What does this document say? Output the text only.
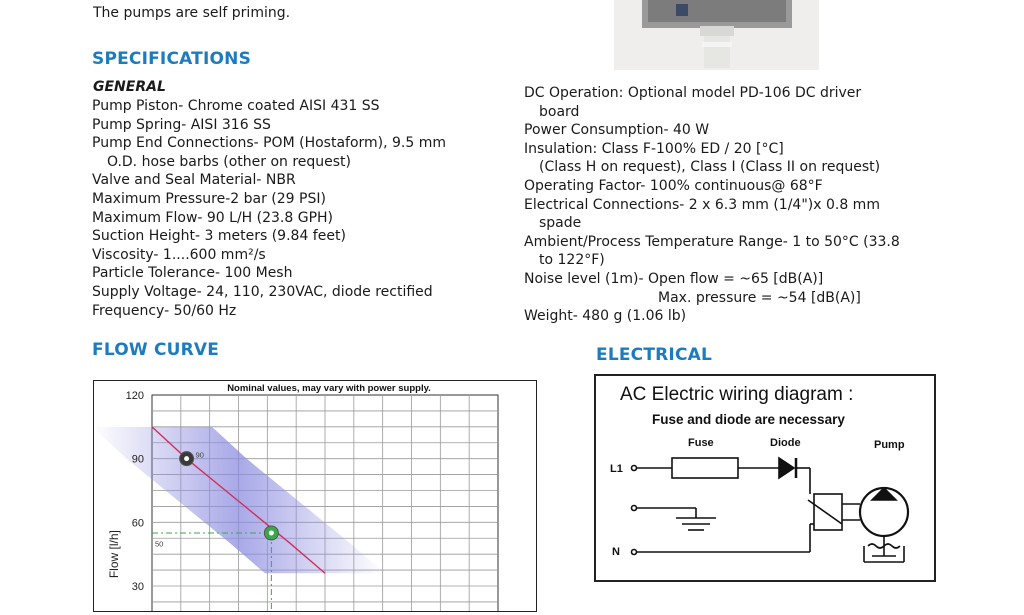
The pumps are self priming.
SPECIFICATIONS
GENERAL
Pump Piston- Chrome coated AISI 431 SS
Pump Spring- AISI 316 SS
Pump End Connections- POM (Hostaform), 9.5 mm
O.D. hose barbs (other on request)
Valve and Seal Material- NBR
Maximum Pressure-2 bar (29 PSI)
Maximum Flow- 90 L/H (23.8 GPH)
Suction Height- 3 meters (9.84 feet)
Viscosity- 1....600 mm²/s
Particle Tolerance- 100 Mesh
Supply Voltage- 24, 110, 230VAC, diode rectified
Frequency- 50/60 Hz
DC Operation: Optional model PD-106 DC driver
board
Power Consumption- 40 W
Insulation: Class F-100% ED / 20 [°C]
(Class H on request), Class I (Class II on request)
Operating Factor- 100% continuous@ 68°F
Electrical Connections- 2 x 6.3 mm (1/4")x 0.8 mm
spade
Ambient/Process Temperature Range- 1 to 50°C (33.8
to 122°F)
Noise level (1m)- Open flow = ~65 [dB(A)]
Max. pressure = ~54 [dB(A)]
Weight- 480 g (1.06 lb)
FLOW CURVE	ELECTRICAL
30
60
90
120
Nominal values, may vary with power supply.
Flow [l/h]
90
50
AC Electric wiring diagram :
Fuse and diode are necessary
Fuse	Diode	Pump
L1
N
